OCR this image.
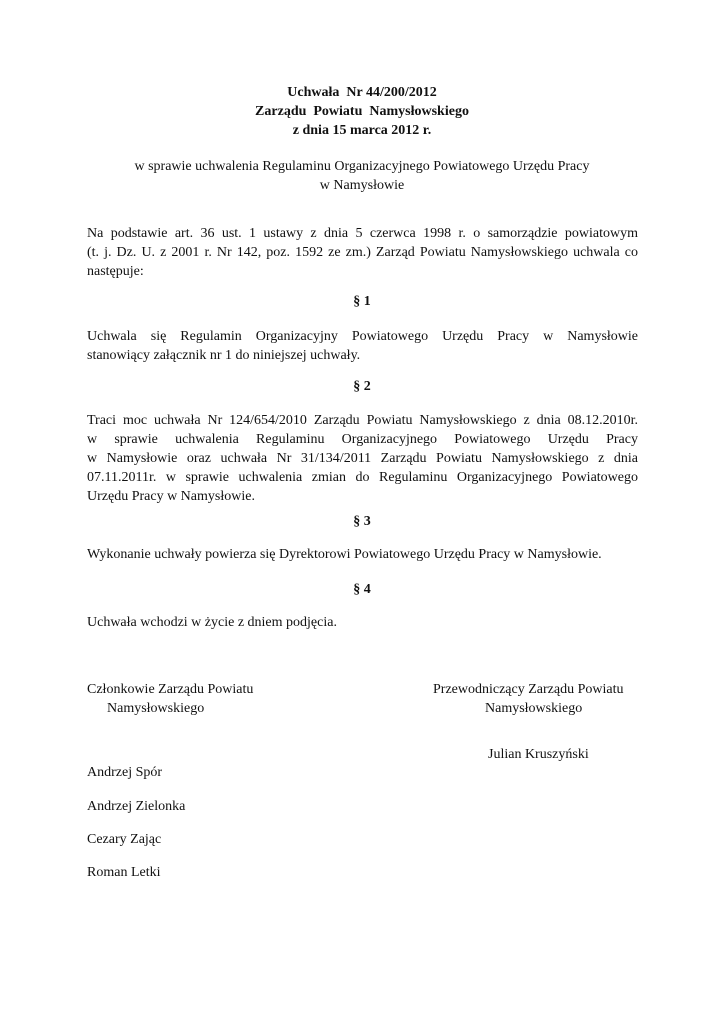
Uchwała  Nr 44/200/2012
Zarządu  Powiatu  Namysłowskiego
z dnia 15 marca 2012 r.
w sprawie uchwalenia Regulaminu Organizacyjnego Powiatowego Urzędu Pracy
w Namysłowie
Na podstawie art. 36 ust. 1 ustawy z dnia 5 czerwca 1998 r. o samorządzie powiatowym
(t. j. Dz. U. z 2001 r. Nr 142, poz. 1592 ze zm.) Zarząd Powiatu Namysłowskiego uchwala co
następuje:
§ 1
Uchwala się Regulamin Organizacyjny Powiatowego Urzędu Pracy w Namysłowie
stanowiący załącznik nr 1 do niniejszej uchwały.
§ 2
Traci moc uchwała Nr 124/654/2010 Zarządu Powiatu Namysłowskiego z dnia 08.12.2010r.
w sprawie uchwalenia Regulaminu Organizacyjnego Powiatowego Urzędu Pracy
w Namysłowie oraz uchwała Nr 31/134/2011 Zarządu Powiatu Namysłowskiego z dnia
07.11.2011r. w sprawie uchwalenia zmian do Regulaminu Organizacyjnego Powiatowego
Urzędu Pracy w Namysłowie.
§ 3
Wykonanie uchwały powierza się Dyrektorowi Powiatowego Urzędu Pracy w Namysłowie.
§ 4
Uchwała wchodzi w życie z dniem podjęcia.
Członkowie Zarządu Powiatu
Namysłowskiego
Przewodniczący Zarządu Powiatu
Namysłowskiego
Julian Kruszyński
Andrzej Spór
Andrzej Zielonka
Cezary Zając
Roman Letki
